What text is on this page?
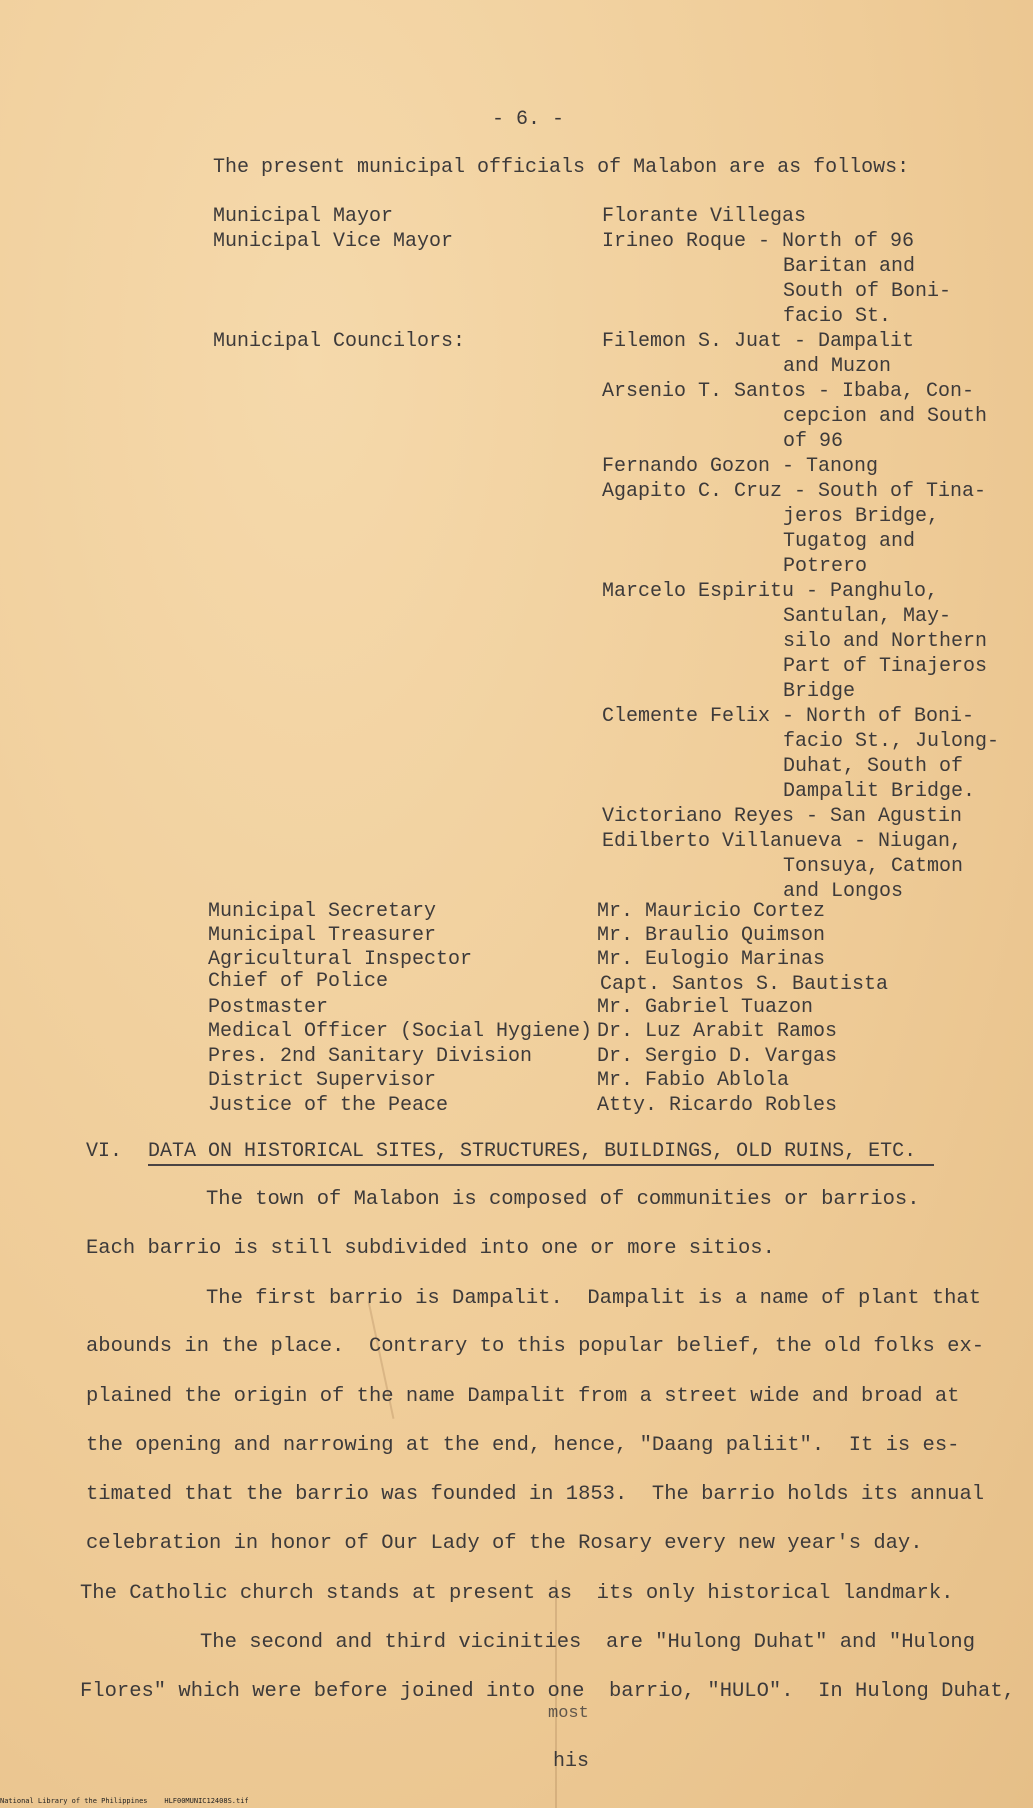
- 6. -
The present municipal officials of Malabon are as follows:
Municipal Mayor	Florante Villegas
Municipal Vice Mayor	Irineo Roque - North of 96
Baritan and
South of Boni-
facio St.
Municipal Councilors:	Filemon S. Juat - Dampalit
and Muzon
Arsenio T. Santos - Ibaba, Con-
cepcion and South
of 96
Fernando Gozon - Tanong
Agapito C. Cruz - South of Tina-
jeros Bridge,
Tugatog and
Potrero
Marcelo Espiritu - Panghulo,
Santulan, May-
silo and Northern
Part of Tinajeros
Bridge
Clemente Felix - North of Boni-
facio St., Julong-
Duhat, South of
Dampalit Bridge.
Victoriano Reyes - San Agustin
Edilberto Villanueva - Niugan,
Tonsuya, Catmon
and Longos
Municipal Secretary	Mr. Mauricio Cortez
Municipal Treasurer	Mr. Braulio Quimson
Agricultural Inspector	Mr. Eulogio Marinas
Chief of Police	Capt. Santos S. Bautista
Postmaster	Mr. Gabriel Tuazon
Medical Officer (Social Hygiene) Dr. Luz Arabit Ramos
Pres. 2nd Sanitary Division	Dr. Sergio D. Vargas
District Supervisor	Mr. Fabio Ablola
Justice of the Peace	Atty. Ricardo Robles
VI. DATA ON HISTORICAL SITES, STRUCTURES, BUILDINGS, OLD RUINS, ETC.
The town of Malabon is composed of communities or barrios.
Each barrio is still subdivided into one or more sitios.
The first barrio is Dampalit.  Dampalit is a name of plant that
abounds in the place.  Contrary to this popular belief, the old folks ex-
plained the origin of the name Dampalit from a street wide and broad at
the opening and narrowing at the end, hence, "Daang paliit".  It is es-
timated that the barrio was founded in 1853.  The barrio holds its annual
celebration in honor of Our Lady of the Rosary every new year's day.
The Catholic church stands at present as  its only historical landmark.
The second and third vicinities  are "Hulong Duhat" and "Hulong
Flores" which were before joined into one  barrio, "HULO".  In Hulong Duhat,
most
his
National Library of the Philippines    HLF00MUNIC12408S.tif
